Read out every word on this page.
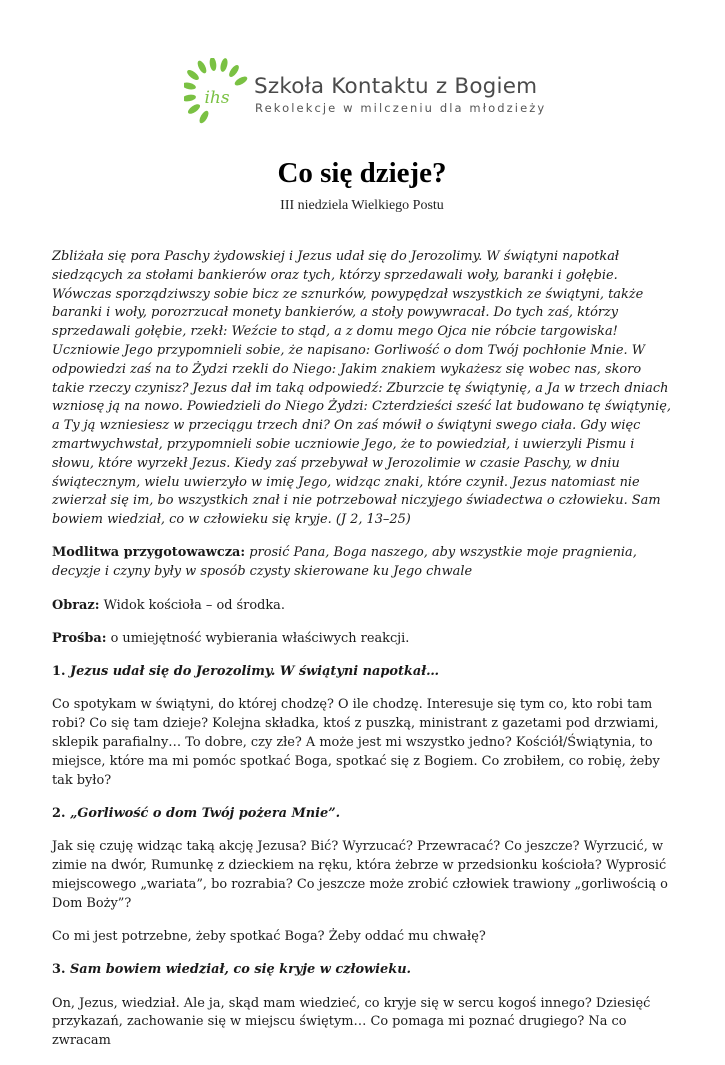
ihs Szkoła Kontaktu z Bogiem
Rekolekcje w milczeniu dla młodzieży
Co się dzieje?
III niedziela Wielkiego Postu

Zbliżała się pora Paschy żydowskiej i Jezus udał się do Jerozolimy. W świątyni napotkał siedzących za stołami bankierów oraz tych, którzy sprzedawali woły, baranki i gołębie. Wówczas sporządziwszy sobie bicz ze sznurków, powypędzał wszystkich ze świątyni, także baranki i woły, porozrzucał monety bankierów, a stoły powywracał. Do tych zaś, którzy sprzedawali gołębie, rzekł: Weźcie to stąd, a z domu mego Ojca nie róbcie targowiska! Uczniowie Jego przypomnieli sobie, że napisano: Gorliwość o dom Twój pochłonie Mnie. W odpowiedzi zaś na to Żydzi rzekli do Niego: Jakim znakiem wykażesz się wobec nas, skoro takie rzeczy czynisz? Jezus dał im taką odpowiedź: Zburzcie tę świątynię, a Ja w trzech dniach wzniosę ją na nowo. Powiedzieli do Niego Żydzi: Czterdzieści sześć lat budowano tę świątynię, a Ty ją wzniesiesz w przeciągu trzech dni? On zaś mówił o świątyni swego ciała. Gdy więc zmartwychwstał, przypomnieli sobie uczniowie Jego, że to powiedział, i uwierzyli Pismu i słowu, które wyrzekł Jezus. Kiedy zaś przebywał w Jerozolimie w czasie Paschy, w dniu świątecznym, wielu uwierzyło w imię Jego, widząc znaki, które czynił. Jezus natomiast nie zwierzał się im, bo wszystkich znał i nie potrzebował niczyjego świadectwa o człowieku. Sam bowiem wiedział, co w człowieku się kryje. (J 2, 13–25)

Modlitwa przygotowawcza: prosić Pana, Boga naszego, aby wszystkie moje pragnienia, decyzje i czyny były w sposób czysty skierowane ku Jego chwale

Obraz: Widok kościoła – od środka.

Prośba: o umiejętność wybierania właściwych reakcji.

1. Jezus udał się do Jerozolimy. W świątyni napotkał…

Co spotykam w świątyni, do której chodzę? O ile chodzę. Interesuje się tym co, kto robi tam robi? Co się tam dzieje? Kolejna składka, ktoś z puszką, ministrant z gazetami pod drzwiami, sklepik parafialny… To dobre, czy złe? A może jest mi wszystko jedno? Kościół/Świątynia, to miejsce, które ma mi pomóc spotkać Boga, spotkać się z Bogiem. Co zrobiłem, co robię, żeby tak było?

2. „Gorliwość o dom Twój pożera Mnie”.

Jak się czuję widząc taką akcję Jezusa? Bić? Wyrzucać? Przewracać? Co jeszcze? Wyrzucić, w zimie na dwór, Rumunkę z dzieckiem na ręku, która żebrze w przedsionku kościoła? Wyprosić miejscowego „wariata”, bo rozrabia? Co jeszcze może zrobić człowiek trawiony „gorliwością o Dom Boży”?

Co mi jest potrzebne, żeby spotkać Boga? Żeby oddać mu chwałę?

3. Sam bowiem wiedział, co się kryje w człowieku.

On, Jezus, wiedział. Ale ja, skąd mam wiedzieć, co kryje się w sercu kogoś innego? Dziesięć przykazań, zachowanie się w miejscu świętym… Co pomaga mi poznać drugiego? Na co zwracam
